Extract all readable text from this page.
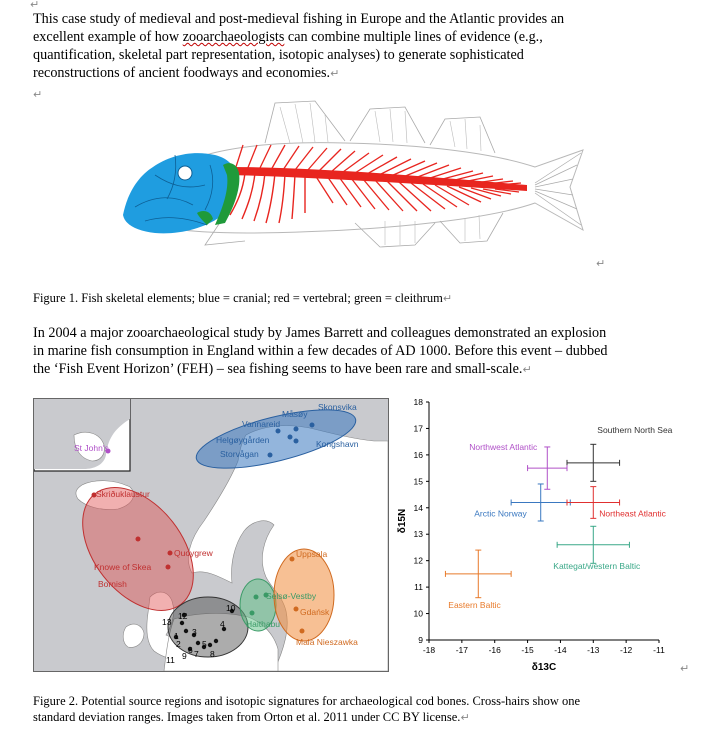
↵

This case study of medieval and post-medieval fishing in Europe and the Atlantic provides an
excellent example of how zooarchaeologists can combine multiple lines of evidence (e.g.,
quantification, skeletal part representation, isotopic analyses) to generate sophisticated
reconstructions of ancient foodways and economies.↵

↵
↵
Figure 1. Fish skeletal elements; blue = cranial; red = vertebral; green = cleithrum↵

In 2004 a major zooarchaeological study by James Barrett and colleagues demonstrated an explosion
in marine fish consumption in England within a few decades of AD 1000. Before this event – dubbed
the ‘Fish Event Horizon’ (FEH) – sea fishing seems to have been rare and small-scale.↵

Måsøy
Skonsvika
Vannareid
Helgøygården	Kongshavn
Storvågan
St John's
Skriðuklaustur
Quoygrew
Knowe of Skea
Bornish
Uppsala
Selsø-Vestby
Gdańsk
Haithabu
Mala Nieszawka
10
12
13
1
2
3
4
5
6 7 8
9
11
9
10
11
12
13
14
15
16
17
18
-18 -17 -16 -15 -14 -13 -12 -11
δ13C
δ15N
Southern North Sea
Northwest Atlantic
Arctic Norway	Northeast Atlantic
Kattegat/western Baltic
Eastern Baltic
↵
Figure 2. Potential source regions and isotopic signatures for archaeological cod bones. Cross-hairs show one
standard deviation ranges. Images taken from Orton et al. 2011 under CC BY license.↵
